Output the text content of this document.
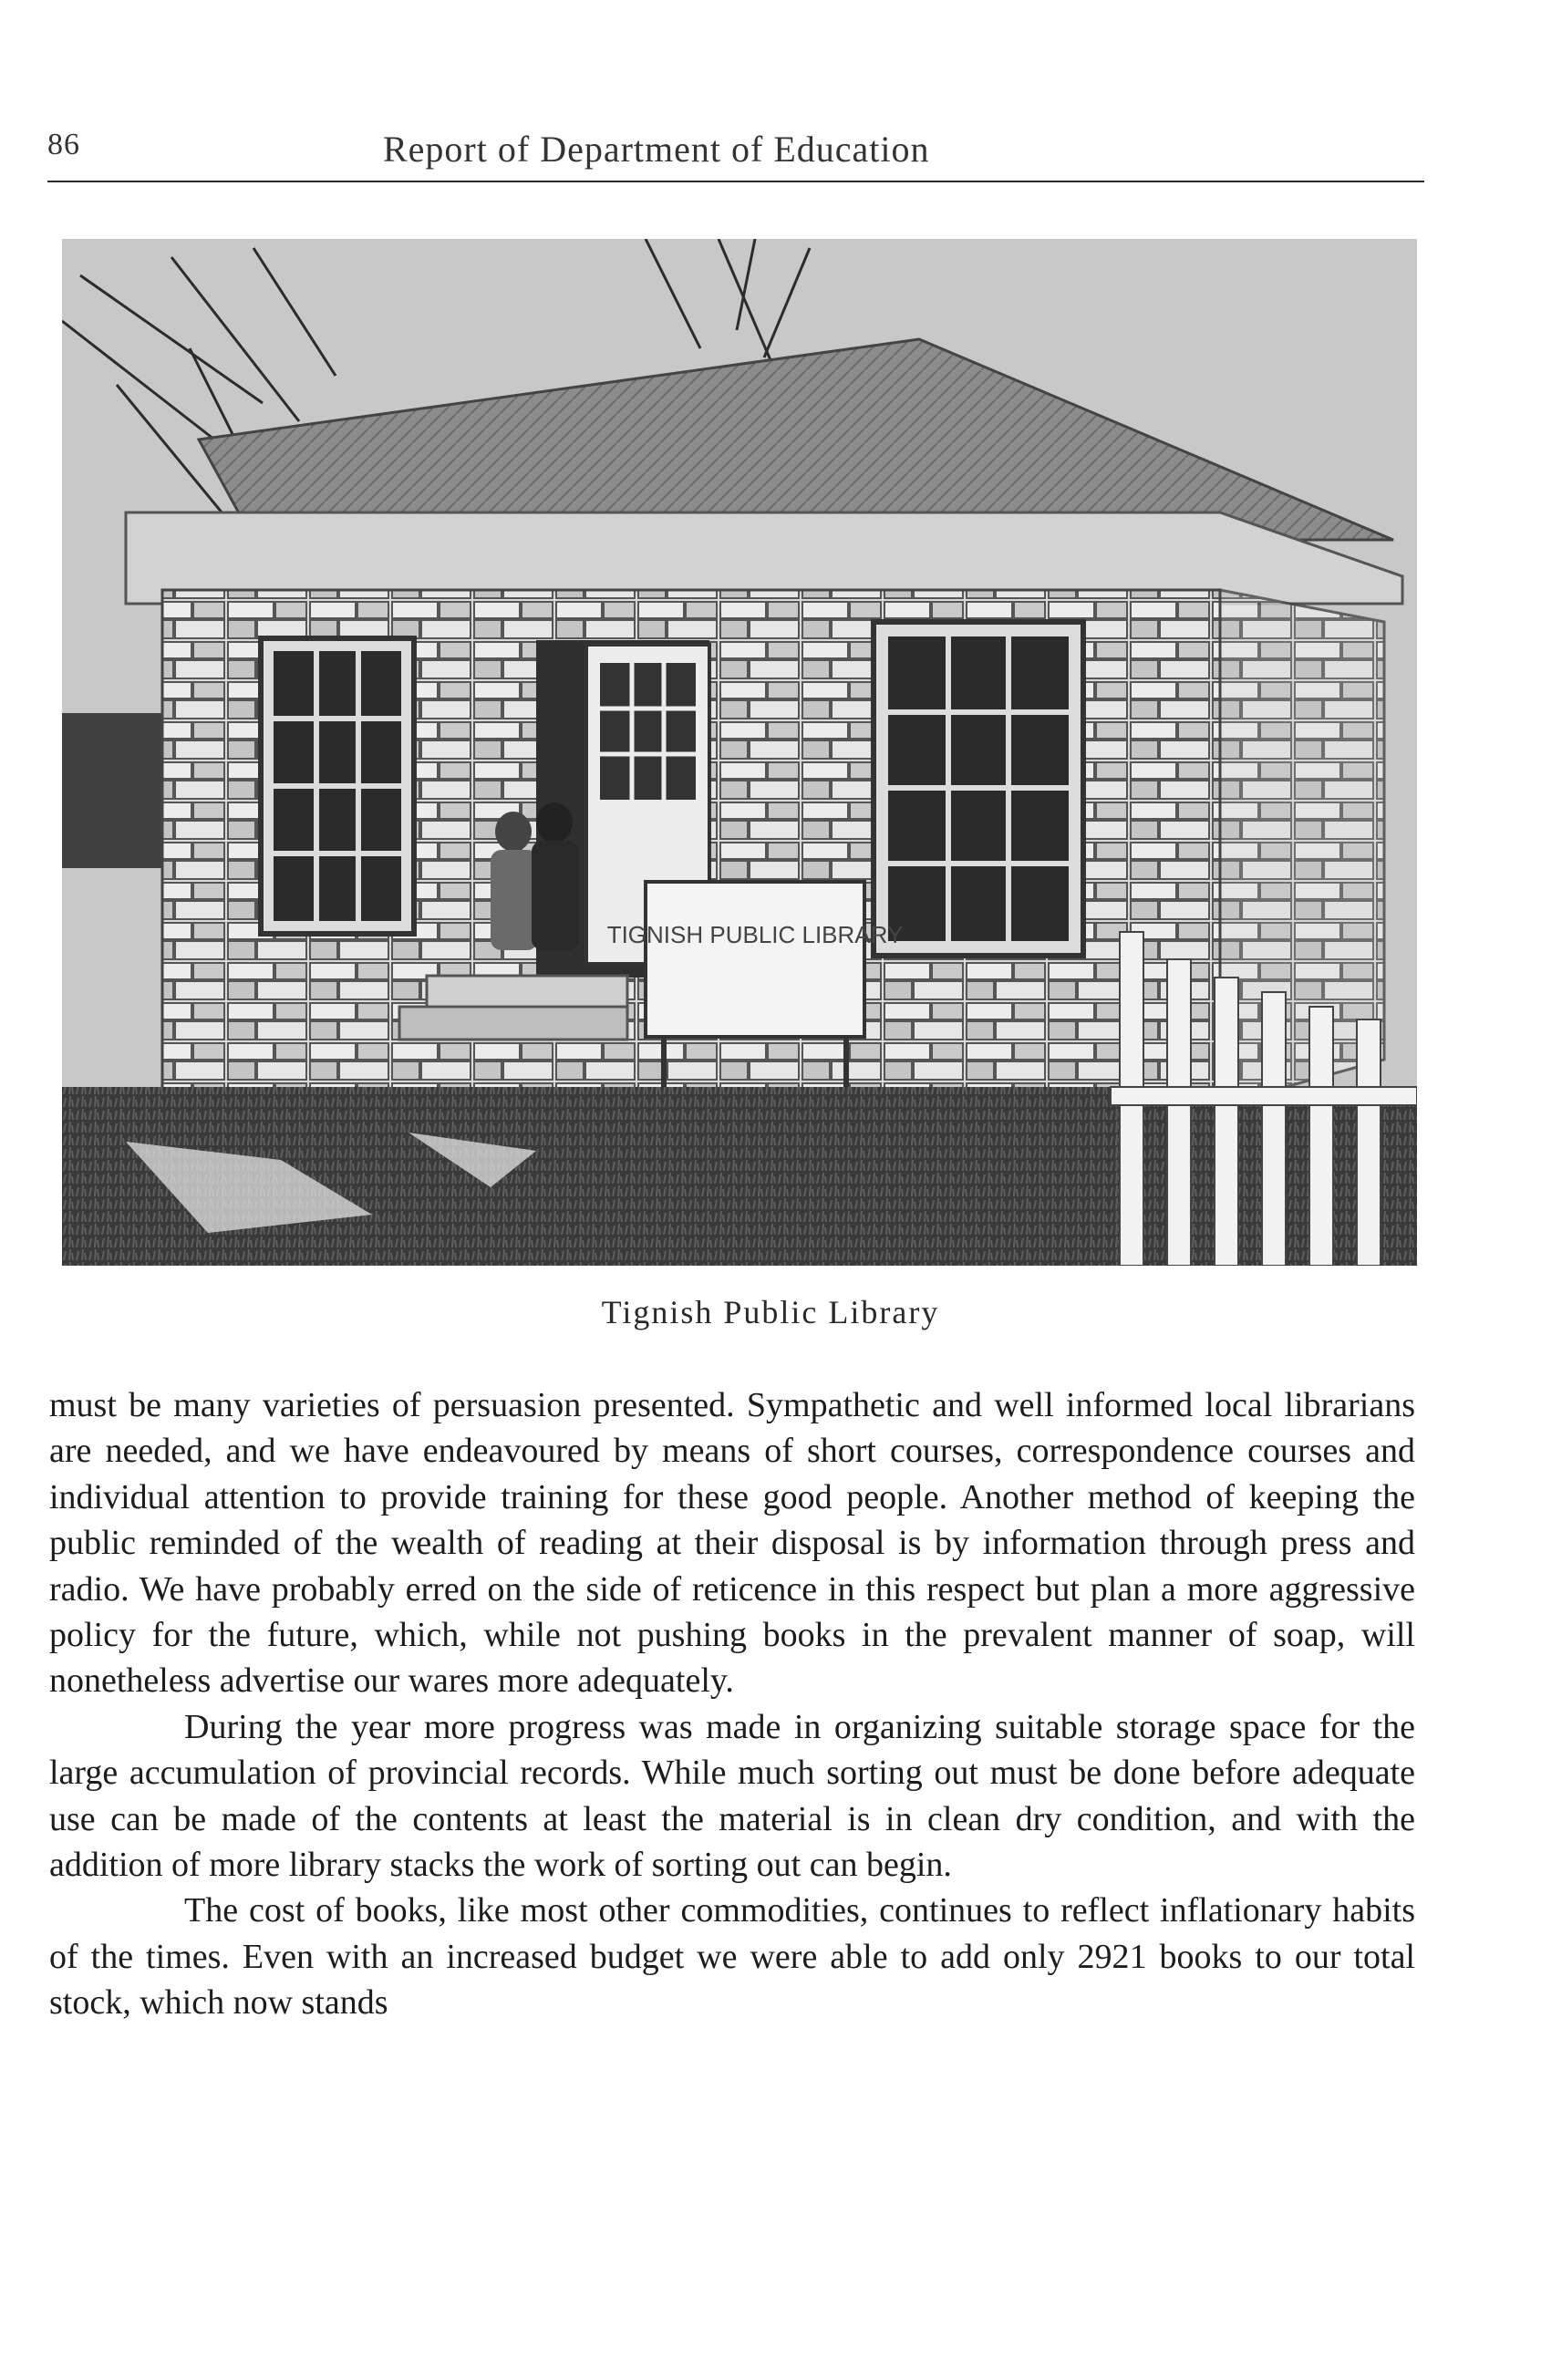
86	Report of Department of Education
TIGNISH PUBLIC LIBRARY
Tignish Public Library

must be many varieties of persuasion presented. Sympathetic and well informed local librarians are needed, and we have endeavoured by means of short courses, correspondence courses and individual attention to provide training for these good people. Another method of keeping the public reminded of the wealth of reading at their disposal is by information through press and radio. We have probably erred on the side of reticence in this respect but plan a more aggressive policy for the future, which, while not pushing books in the prevalent manner of soap, will nonetheless advertise our wares more adequately.

During the year more progress was made in organizing suitable storage space for the large accumulation of provincial records. While much sorting out must be done before adequate use can be made of the contents at least the material is in clean dry condition, and with the addition of more library stacks the work of sorting out can begin.

The cost of books, like most other commodities, continues to reflect inflationary habits of the times. Even with an increased budget we were able to add only 2921 books to our total stock, which now stands
